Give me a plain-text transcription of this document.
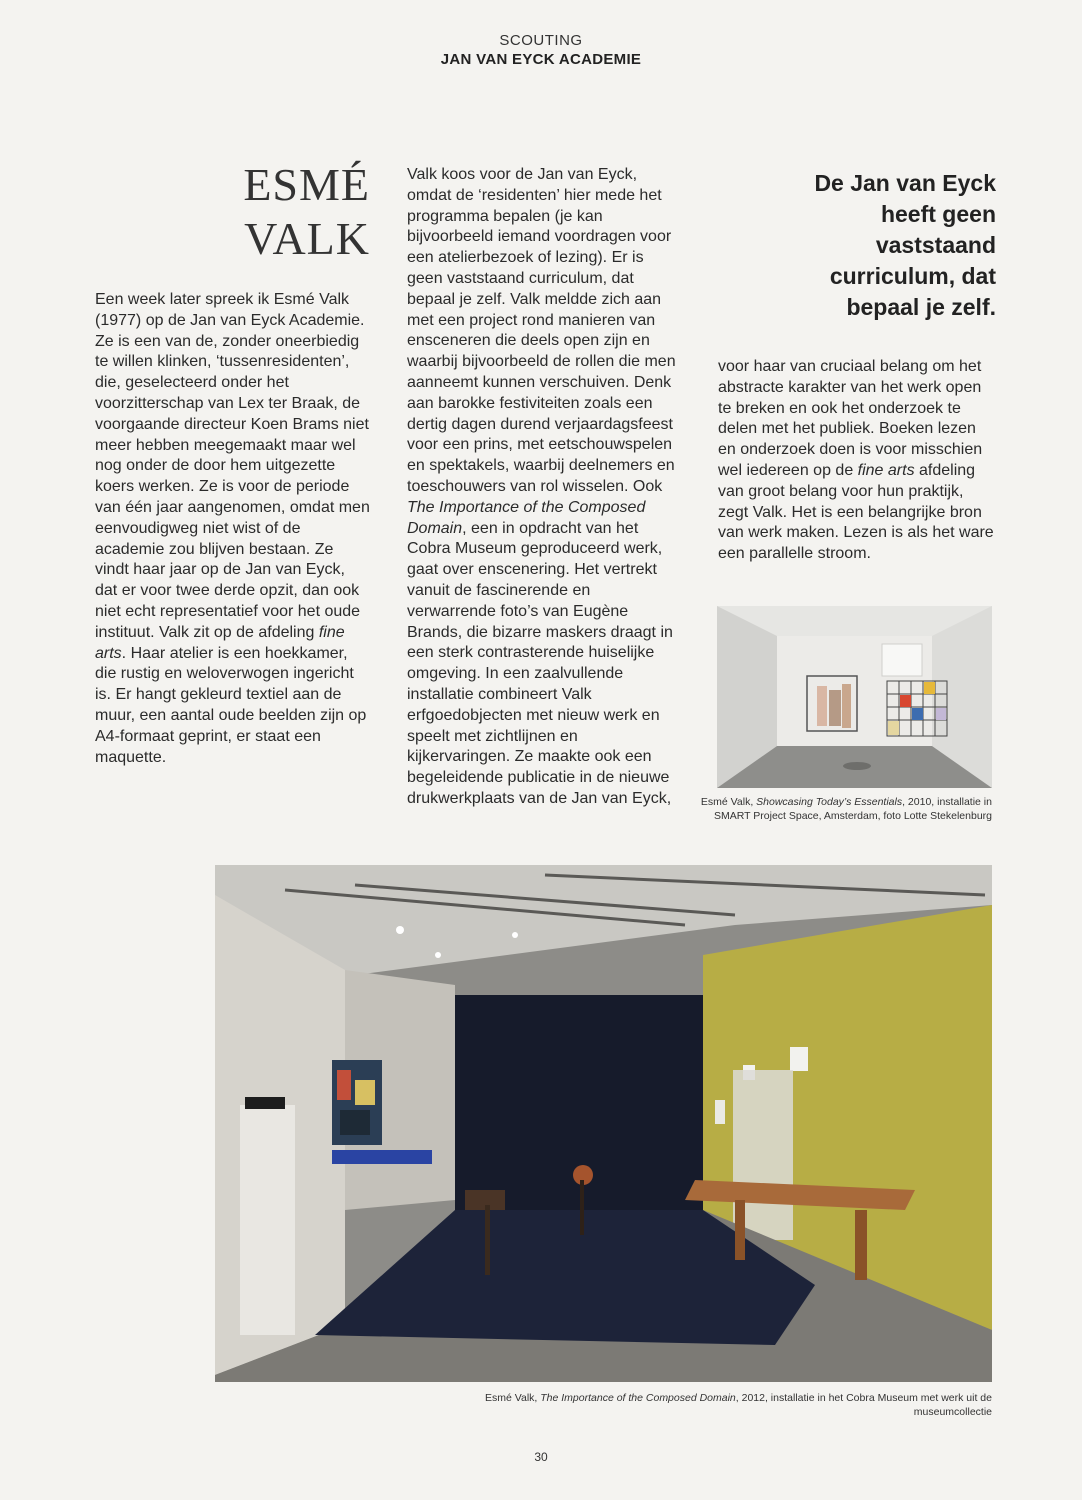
SCOUTING
JAN VAN EYCK ACADEMIE
ESMÉ
VALK

Een week later spreek ik Esmé Valk (1977) op de Jan van Eyck Academie. Ze is een van de, zonder oneerbiedig te willen klinken, ‘tussenresidenten’, die, geselecteerd onder het voorzitterschap van Lex ter Braak, de voorgaande directeur Koen Brams niet meer hebben meegemaakt maar wel nog onder de door hem uitgezette koers werken. Ze is voor de periode van één jaar aangenomen, omdat men eenvoudigweg niet wist of de academie zou blijven bestaan. Ze vindt haar jaar op de Jan van Eyck, dat er voor twee derde opzit, dan ook niet echt representatief voor het oude instituut. Valk zit op de afdeling fine arts. Haar atelier is een hoekkamer, die rustig en weloverwogen ingericht is. Er hangt gekleurd textiel aan de muur, een aantal oude beelden zijn op A4-formaat geprint, er staat een maquette.

Valk koos voor de Jan van Eyck, omdat de ‘residenten’ hier mede het programma bepalen (je kan bijvoorbeeld iemand voordragen voor een atelierbezoek of lezing). Er is geen vaststaand curriculum, dat bepaal je zelf. Valk meldde zich aan met een project rond manieren van ensceneren die deels open zijn en waarbij bijvoorbeeld de rollen die men aanneemt kunnen verschuiven. Denk aan barokke festiviteiten zoals een dertig dagen durend verjaardagsfeest voor een prins, met eetschouwspelen en spektakels, waarbij deelnemers en toeschouwers van rol wisselen. Ook The Importance of the Composed Domain, een in opdracht van het Cobra Museum geproduceerd werk, gaat over enscenering. Het vertrekt vanuit de fascinerende en verwarrende foto’s van Eugène Brands, die bizarre maskers draagt in een sterk contrasterende huiselijke omgeving. In een zaalvullende installatie combineert Valk erfgoedobjecten met nieuw werk en speelt met zichtlijnen en kijkervaringen. Ze maakte ook een begeleidende publicatie in de nieuwe drukwerkplaats van de Jan van Eyck,

De Jan van Eyck heeft geen vaststaand curriculum, dat bepaal je zelf.

voor haar van cruciaal belang om het abstracte karakter van het werk open te breken en ook het onderzoek te delen met het publiek. Boeken lezen en onderzoek doen is voor misschien wel iedereen op de fine arts afdeling van groot belang voor hun praktijk, zegt Valk. Het is een belangrijke bron van werk maken. Lezen is als het ware een parallelle stroom.

Esmé Valk, Showcasing Today’s Essentials, 2010, installatie in SMART Project Space, Amsterdam, foto Lotte Stekelenburg
Esmé Valk, The Importance of the Composed Domain, 2012, installatie in het Cobra Museum met werk uit de museumcollectie
30
